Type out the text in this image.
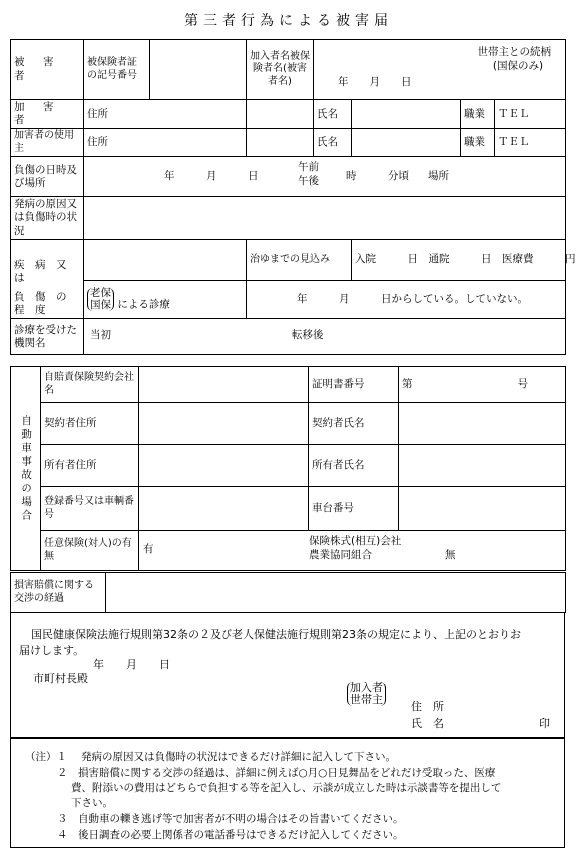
第三者行為による被害届
被　害　者	被保険者証の記号番号		加入者名被保険者名(被害者名)	世帯主との続柄
(国保のみ)
年　　月　　日			

加　害　者	住所			氏名		職業	ＴＥＬ
加害者の使用主	住所			氏名		職業	ＴＥＬ
負傷の日時及び場所	年　　　月　　　日
午前
午後 時　　　分頃 場所						

発病の原因又は負傷時の状況							

疾　病　又　は
負　傷　の　程　度			治ゆまでの見込み		入院　　　日　 通院　　　日　 医療費　　　円		
	老保
国保 による診療		年　　　月　　　日からしている。していない。				
診療を受けた機関名	当初 転移後						
自動車事故の場合	自賠責保険契約会社名		証明書番号	第　　　　　　　　　　号
	契約者住所		契約者氏名	
	所有者住所		所有者氏名	
	登録番号又は車輌番号		車台番号	
	任意保険(対人)の有無	有
保険株式(相互)会社
農業協同組合 無		
損害賠償に関する交渉の経過	
国民健康保険法施行規則第32条の２及び老人保健法施行規則第23条の規定により、上記のとおりお
届けします。
年　　月　　日
市町村長殿
加入者
世帯主
住　所
氏　名	印
（注）１ 発病の原因又は負傷時の状況はできるだけ詳細に記入して下さい。
２　損害賠償に関する交渉の経過は、詳細に例えば○月○日見舞品をどれだけ受取った、医療
費、附添いの費用はどちらで負担する等を記入し、示談が成立した時は示談書等を提出して
下さい。
３　自動車の轢き逃げ等で加害者が不明の場合はその旨書いてください。
４　後日調査の必要上関係者の電話番号はできるだけ記入してください。
